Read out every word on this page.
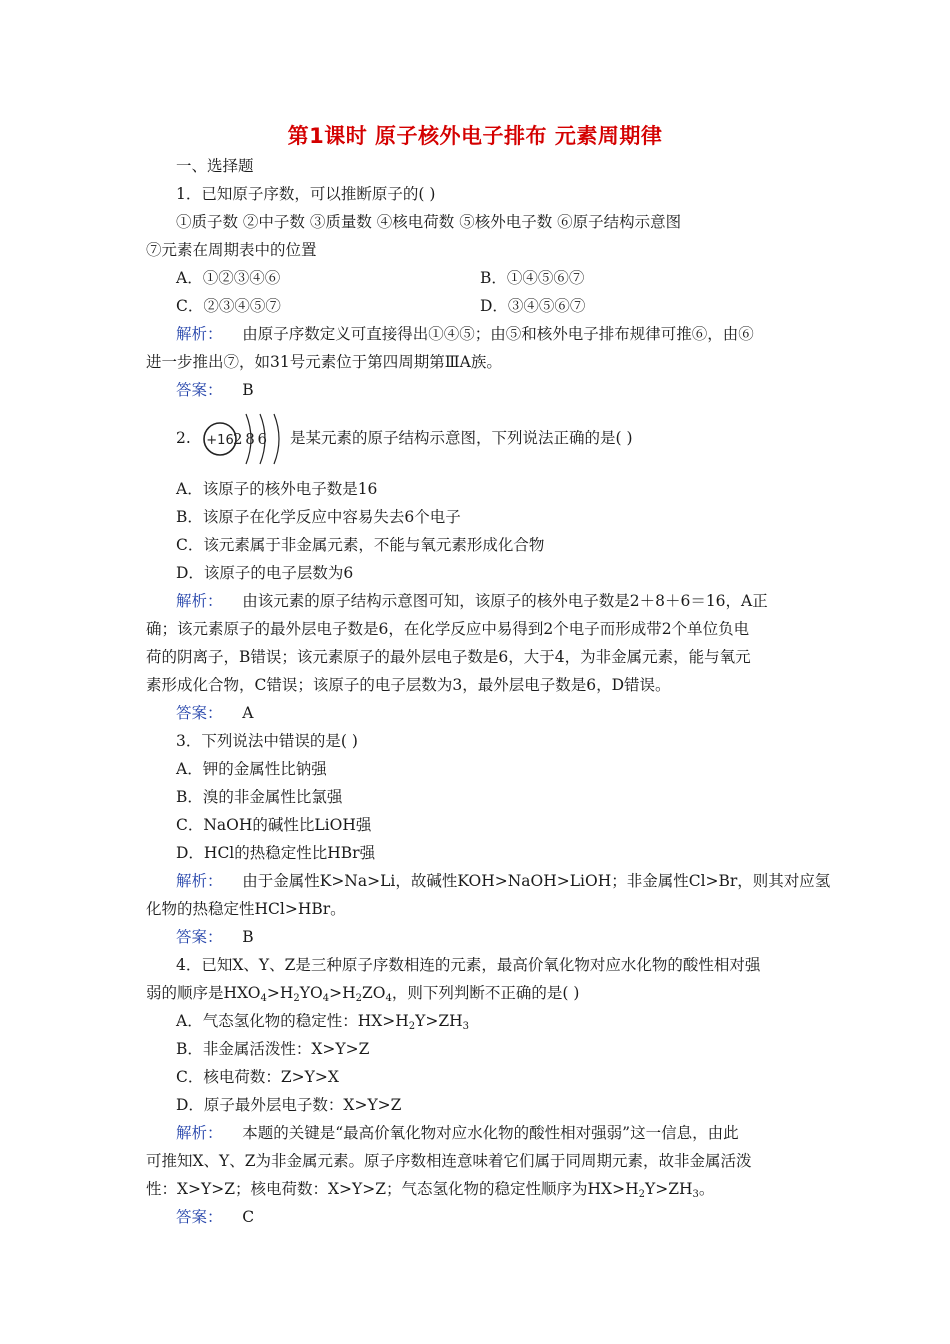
第1课时 原子核外电子排布 元素周期律
一、选择题
1．已知原子序数，可以推断原子的( )
①质子数 ②中子数 ③质量数 ④核电荷数 ⑤核外电子数 ⑥原子结构示意图
⑦元素在周期表中的位置
A．①②③④⑥	B．①④⑤⑥⑦
C．②③④⑤⑦	D．③④⑤⑥⑦
解析： 由原子序数定义可直接得出①④⑤；由⑤和核外电子排布规律可推⑥，由⑥
进一步推出⑦，如31号元素位于第四周期第ⅢA族。
答案： B
2. +16 2 8 6 是某元素的原子结构示意图，下列说法正确的是( )
A．该原子的核外电子数是16
B．该原子在化学反应中容易失去6个电子
C．该元素属于非金属元素，不能与氧元素形成化合物
D．该原子的电子层数为6
解析： 由该元素的原子结构示意图可知，该原子的核外电子数是2＋8＋6＝16，A正
确；该元素原子的最外层电子数是6，在化学反应中易得到2个电子而形成带2个单位负电
荷的阴离子，B错误；该元素原子的最外层电子数是6，大于4，为非金属元素，能与氧元
素形成化合物，C错误；该原子的电子层数为3，最外层电子数是6，D错误。
答案： A
3．下列说法中错误的是( )
A．钾的金属性比钠强
B．溴的非金属性比氯强
C．NaOH的碱性比LiOH强
D．HCl的热稳定性比HBr强
解析： 由于金属性K>Na>Li，故碱性KOH>NaOH>LiOH；非金属性Cl>Br，则其对应氢
化物的热稳定性HCl>HBr。
答案： B
4．已知X、Y、Z是三种原子序数相连的元素，最高价氧化物对应水化物的酸性相对强
弱的顺序是$HXO_4>H_2YO_4>H_2ZO_4$，则下列判断不正确的是( )
A．气态氢化物的稳定性：$HX>H_2Y>ZH_3$
B．非金属活泼性：X>Y>Z
C．核电荷数：Z>Y>X
D．原子最外层电子数：X>Y>Z
解析： 本题的关键是“最高价氧化物对应水化物的酸性相对强弱”这一信息，由此
可推知X、Y、Z为非金属元素。原子序数相连意味着它们属于同周期元素，故非金属活泼
性：X>Y>Z；核电荷数：X>Y>Z；气态氢化物的稳定性顺序为$HX>H_2Y>ZH_3$。
答案： C
